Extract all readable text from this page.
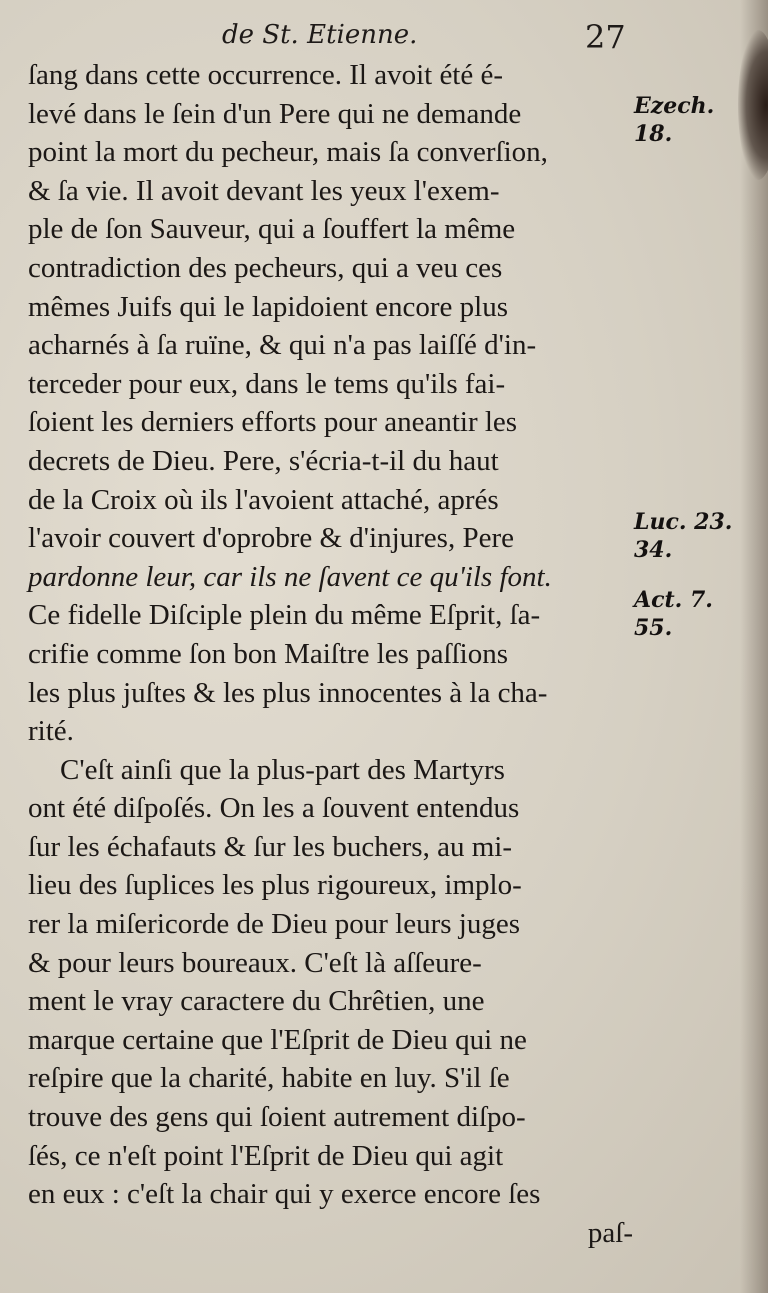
de St. Etienne.	27
ſang dans cette occurrence. Il avoit été é-
levé dans le ſein d'un Pere qui ne demande
point la mort du pecheur, mais ſa converſion,
& ſa vie. Il avoit devant les yeux l'exem-
ple de ſon Sauveur, qui a ſouffert la même
contradiction des pecheurs, qui a veu ces
mêmes Juifs qui le lapidoient encore plus
acharnés à ſa ruïne, & qui n'a pas laiſſé d'in-
terceder pour eux, dans le tems qu'ils fai-
ſoient les derniers efforts pour aneantir les
decrets de Dieu. Pere, s'écria-t-il du haut
de la Croix où ils l'avoient attaché, aprés
l'avoir couvert d'oprobre & d'injures, Pere
pardonne leur, car ils ne ſavent ce qu'ils font.
Ce fidelle Diſciple plein du même Eſprit, ſa-
crifie comme ſon bon Maiſtre les paſſions
les plus juſtes & les plus innocentes à la cha-
rité.
C'eſt ainſi que la plus-part des Martyrs
ont été diſpoſés. On les a ſouvent entendus
ſur les échafauts & ſur les buchers, au mi-
lieu des ſuplices les plus rigoureux, implo-
rer la miſericorde de Dieu pour leurs juges
& pour leurs boureaux. C'eſt là aſſeure-
ment le vray caractere du Chrêtien, une
marque certaine que l'Eſprit de Dieu qui ne
reſpire que la charité, habite en luy. S'il ſe
trouve des gens qui ſoient autrement diſpo-
ſés, ce n'eſt point l'Eſprit de Dieu qui agit
en eux : c'eſt la chair qui y exerce encore ſes
paſ-
Ezech.
18.
Luc. 23.
34.
Act. 7.
55.
